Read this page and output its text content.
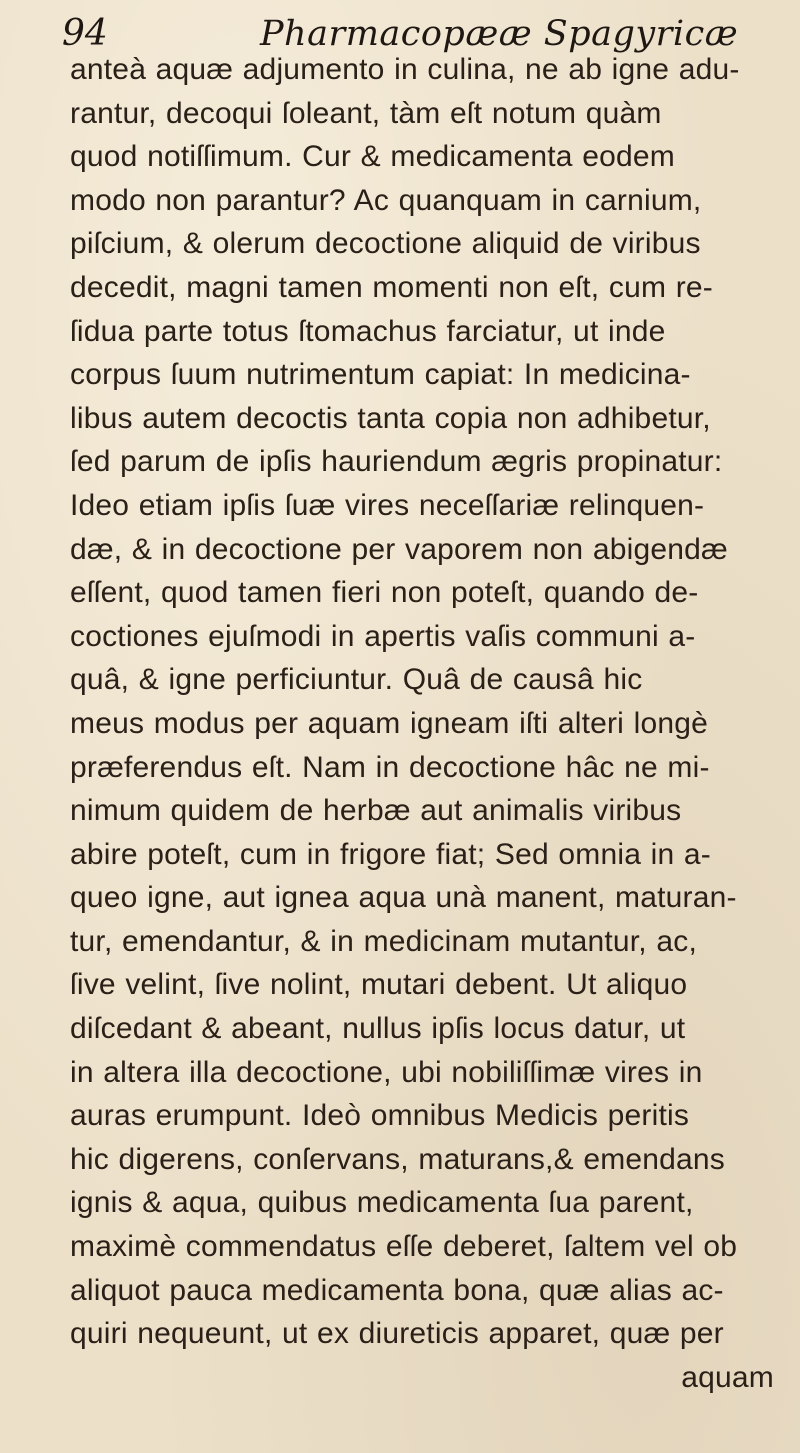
94	Pharmacopææ Spagyricæ
anteà aquæ adjumento in culina, ne ab igne adu-
rantur, decoqui ſoleant, tàm eſt notum quàm
quod notiſſimum. Cur & medicamenta eodem
modo non parantur? Ac quanquam in carnium,
piſcium, & olerum decoctione aliquid de viribus
decedit, magni tamen momenti non eſt, cum re-
ſidua parte totus ſtomachus farciatur, ut inde
corpus ſuum nutrimentum capiat: In medicina-
libus autem decoctis tanta copia non adhibetur,
ſed parum de ipſis hauriendum ægris propinatur:
Ideo etiam ipſis ſuæ vires neceſſariæ relinquen-
dæ, & in decoctione per vaporem non abigendæ
eſſent, quod tamen fieri non poteſt, quando de-
coctiones ejuſmodi in apertis vaſis communi a-
quâ, & igne perficiuntur. Quâ de causâ hic
meus modus per aquam igneam iſti alteri longè
præferendus eſt. Nam in decoctione hâc ne mi-
nimum quidem de herbæ aut animalis viribus
abire poteſt, cum in frigore fiat; Sed omnia in a-
queo igne, aut ignea aqua unà manent, maturan-
tur, emendantur, & in medicinam mutantur, ac,
ſive velint, ſive nolint, mutari debent. Ut aliquo
diſcedant & abeant, nullus ipſis locus datur, ut
in altera illa decoctione, ubi nobiliſſimæ vires in
auras erumpunt. Ideò omnibus Medicis peritis
hic digerens, conſervans, maturans,& emendans
ignis & aqua, quibus medicamenta ſua parent,
maximè commendatus eſſe deberet, ſaltem vel ob
aliquot pauca medicamenta bona, quæ alias ac-
quiri nequeunt, ut ex diureticis apparet, quæ per
aquam
